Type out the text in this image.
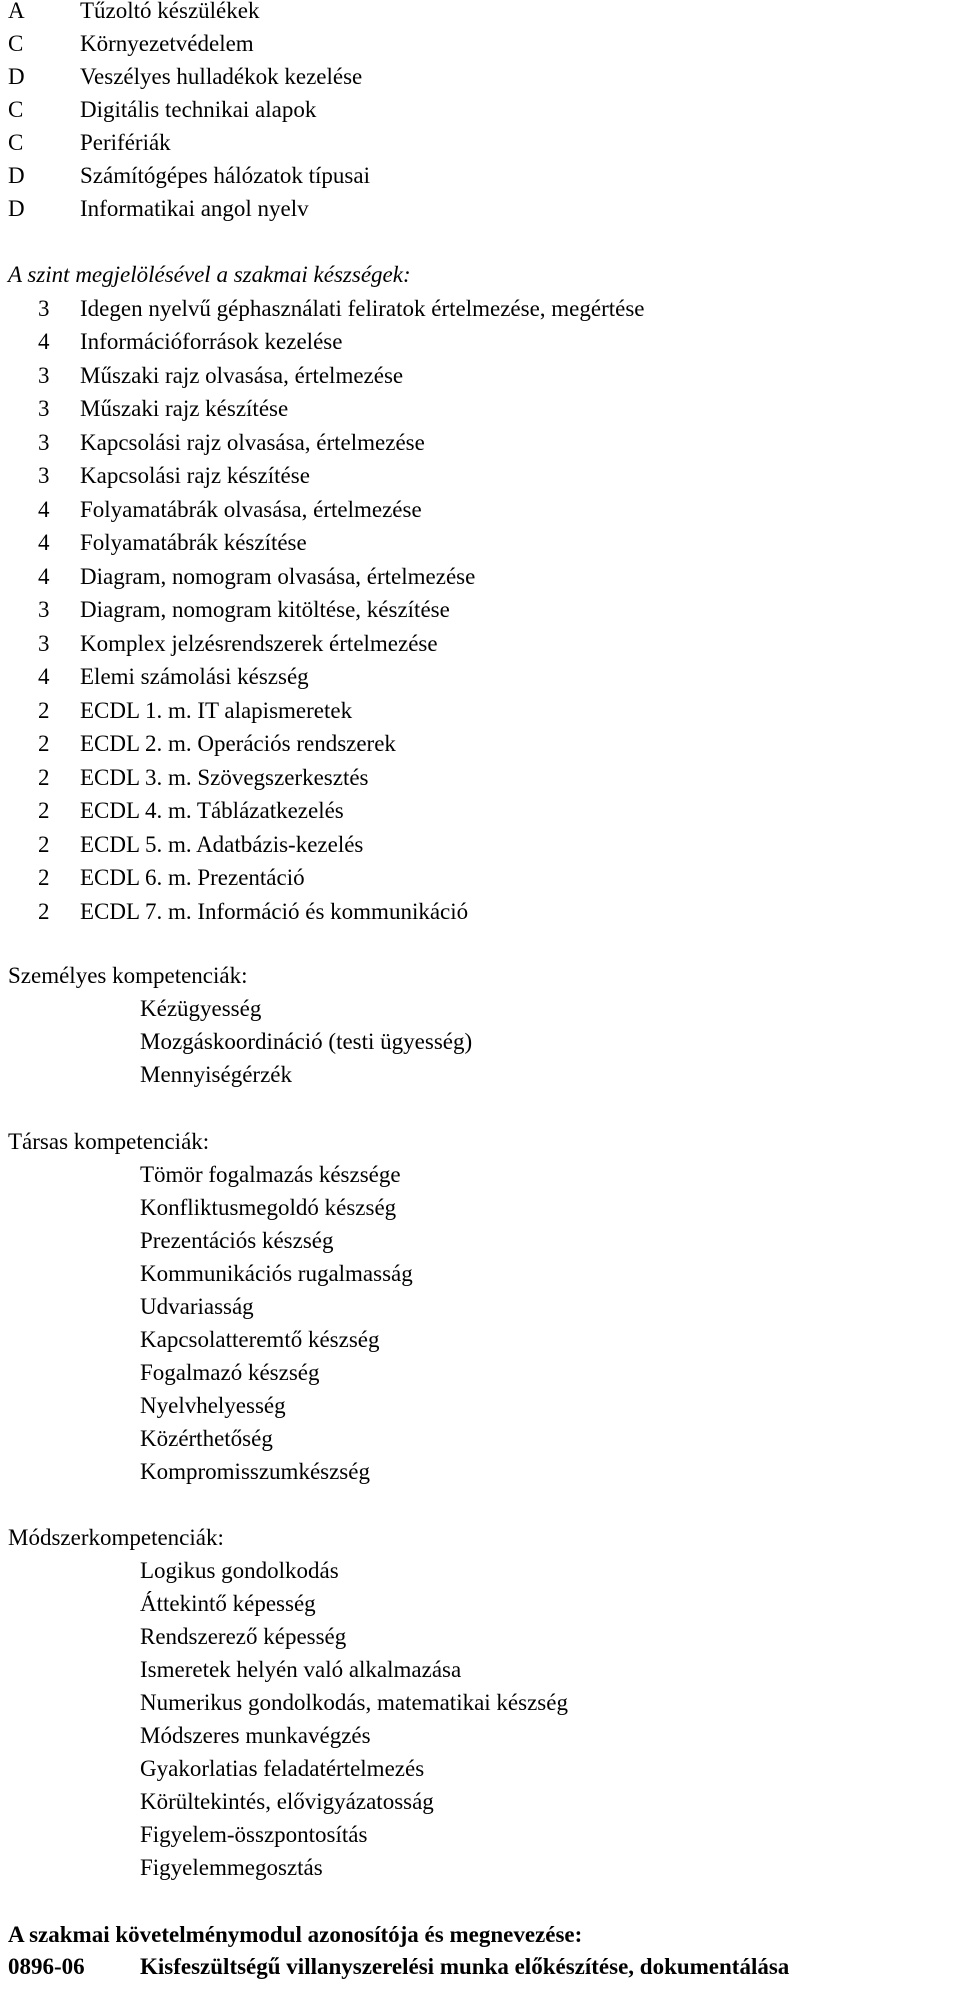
A Tűzoltó készülékek
C Környezetvédelem
D Veszélyes hulladékok kezelése
C Digitális technikai alapok
C Perifériák
D Számítógépes hálózatok típusai
D Informatikai angol nyelv
A szint megjelölésével a szakmai készségek:
3 Idegen nyelvű géphasználati feliratok értelmezése, megértése
4 Információforrások kezelése
3 Műszaki rajz olvasása, értelmezése
3 Műszaki rajz készítése
3 Kapcsolási rajz olvasása, értelmezése
3 Kapcsolási rajz készítése
4 Folyamatábrák olvasása, értelmezése
4 Folyamatábrák készítése
4 Diagram, nomogram olvasása, értelmezése
3 Diagram, nomogram kitöltése, készítése
3 Komplex jelzésrendszerek értelmezése
4 Elemi számolási készség
2 ECDL 1. m. IT alapismeretek
2 ECDL 2. m. Operációs rendszerek
2 ECDL 3. m. Szövegszerkesztés
2 ECDL 4. m. Táblázatkezelés
2 ECDL 5. m. Adatbázis-kezelés
2 ECDL 6. m. Prezentáció
2 ECDL 7. m. Információ és kommunikáció
Személyes kompetenciák:
Kézügyesség
Mozgáskoordináció (testi ügyesség)
Mennyiségérzék
Társas kompetenciák:
Tömör fogalmazás készsége
Konfliktusmegoldó készség
Prezentációs készség
Kommunikációs rugalmasság
Udvariasság
Kapcsolatteremtő készség
Fogalmazó készség
Nyelvhelyesség
Közérthetőség
Kompromisszumkészség
Módszerkompetenciák:
Logikus gondolkodás
Áttekintő képesség
Rendszerező képesség
Ismeretek helyén való alkalmazása
Numerikus gondolkodás, matematikai készség
Módszeres munkavégzés
Gyakorlatias feladatértelmezés
Körültekintés, elővigyázatosság
Figyelem-összpontosítás
Figyelemmegosztás
A szakmai követelménymodul azonosítója és megnevezése:
0896-06 Kisfeszültségű villanyszerelési munka előkészítése, dokumentálása
